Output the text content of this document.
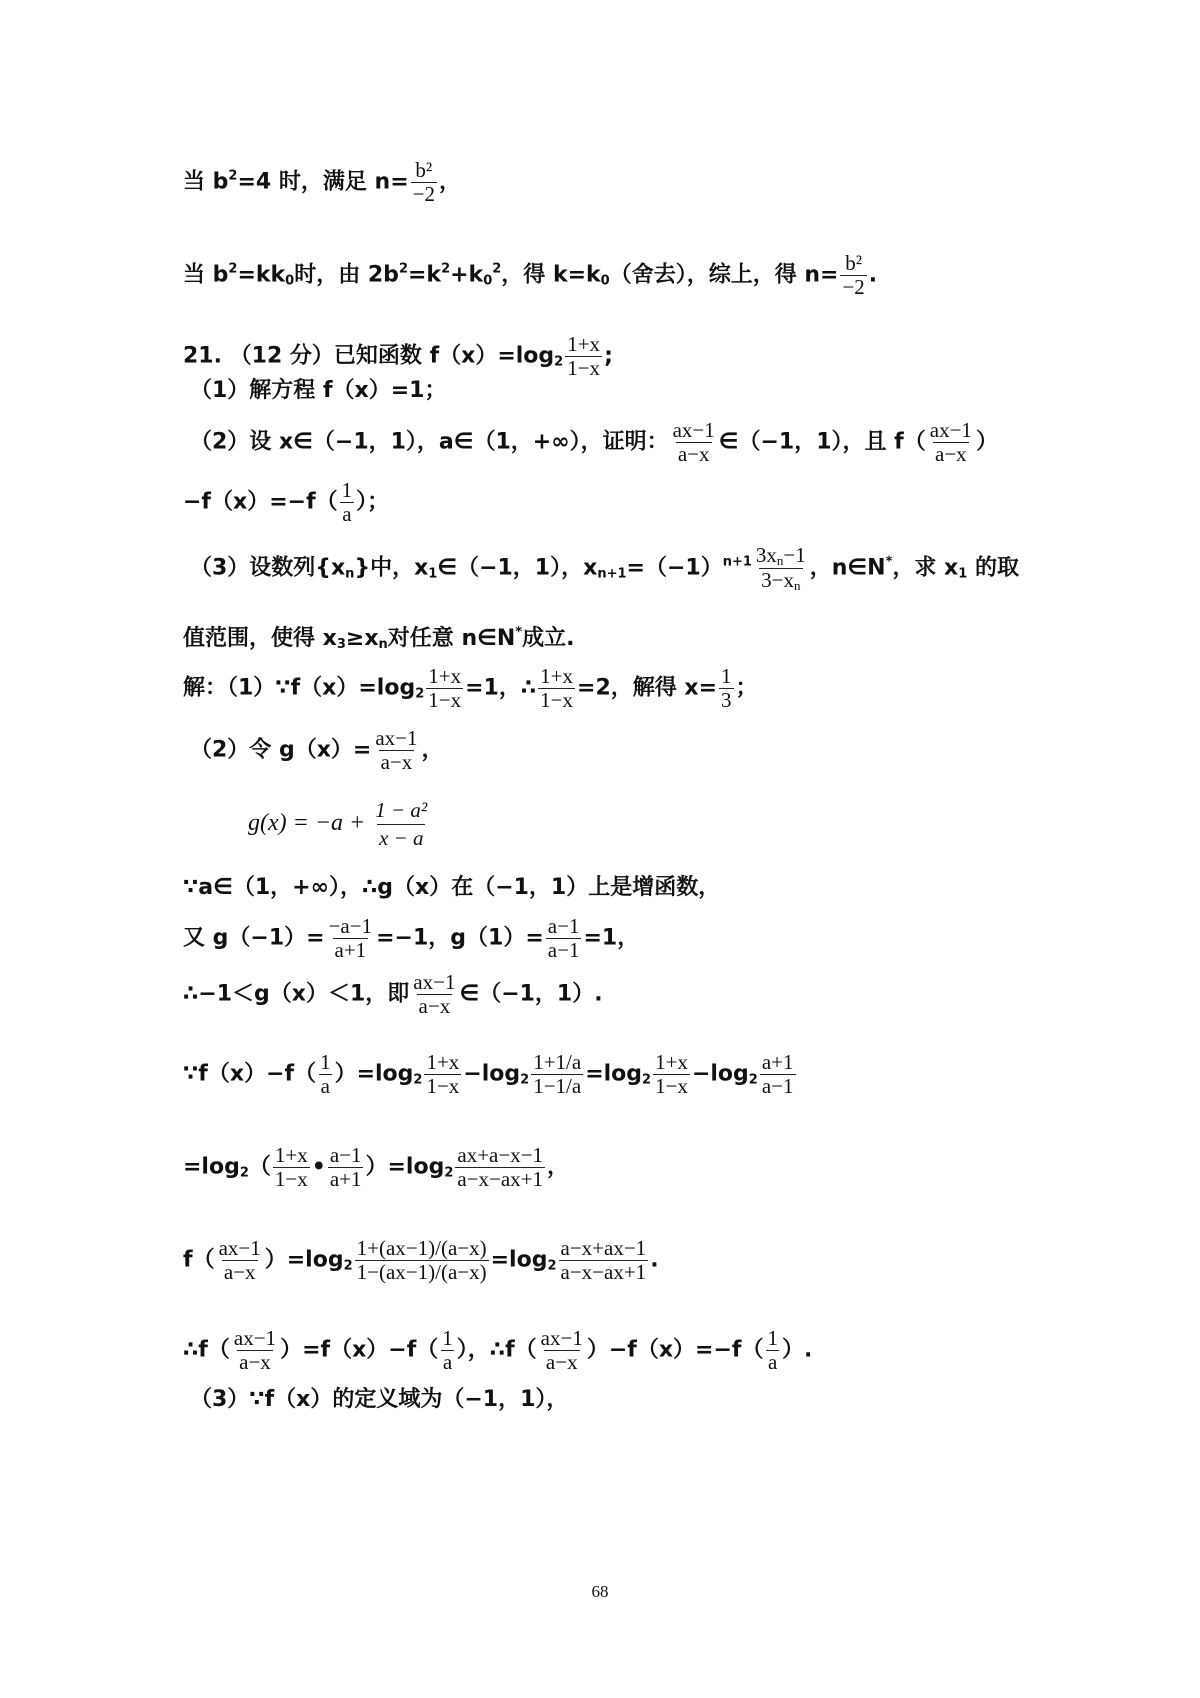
当 $b^2=4$ 时，满足 $n= \frac{\text{b²}}{-2}$ ，
当 $b^2=kk0$时，由 $2b^2=k^2+k0^2$，得 k=k0（舍去），综上，得 $n= \frac{\text{b²}}{-2}$ .
21. （12 分）已知函数 $f(x)=\log 2 \frac{1+x}{1-x}$ ;
（1）解方程 f（x）=1；
（2）设 x∈（−1，1），a∈（1，+∞），证明： $\frac{ax-1}{a-x}$ ∈（−1，1），且 $f( \frac{ax-1}{a-x}$ ）
$-f(x)=-f( \frac{1}{a}$ ）；
（3）设数列{xn}中，x1∈（−1，1），$xn+1=(-1)^{n+1} \frac{3xn-1}{3-xn}$ ，n∈N*，求 x1 的取
值范围，使得 x3≥xn对任意 n∈N*成立.
解：（1）∵f（x）=log2 $\frac{1+x}{1-x} =1$，∴ $\frac{1+x}{1-x} =2$，解得 $x= \frac{1}{3}$ ；
（2）令 $g(x)= \frac{ax-1}{a-x}$ ，
$g(x) = -a + \frac{\text{1 − a²}}{x - a}$
∵a∈（1，+∞），∴g（x）在（−1，1）上是增函数，
又 $g(-1)= \frac{-a-1}{a+1} =-1$，$g(1)= \frac{a-1}{a-1} =1$，
∴−1＜g（x）＜1，即 $\frac{ax-1}{a-x}$ ∈（−1，1）.
∵f（x）−f（ $\frac{1}{a} )=\log 2 \frac{1+x}{1-x} -\log 2 \frac{1+1/a}{1-1/a} =\log 2 \frac{1+x}{1-x} -\log 2 \frac{a+1}{a-1}$
$=\log 2( \frac{1+x}{1-x}$ • $\frac{a-1}{a+1} )=\log 2 \frac{ax+a-x-1}{a-x-ax+1}$ ，
$f( \frac{ax-1}{a-x} )=\log 2 \frac{1+(ax-1)/(a-x)}{1-(ax-1)/(a-x)} =\log 2 \frac{a-x+ax-1}{a-x-ax+1}$ .
∴f（ $\frac{ax-1}{a-x} )=f(x)-f( \frac{1}{a}$ ），∴f（ $\frac{ax-1}{a-x} )-f(x)=-f( \frac{1}{a}$ ）.
（3）∵f（x）的定义域为（−1，1），
68
